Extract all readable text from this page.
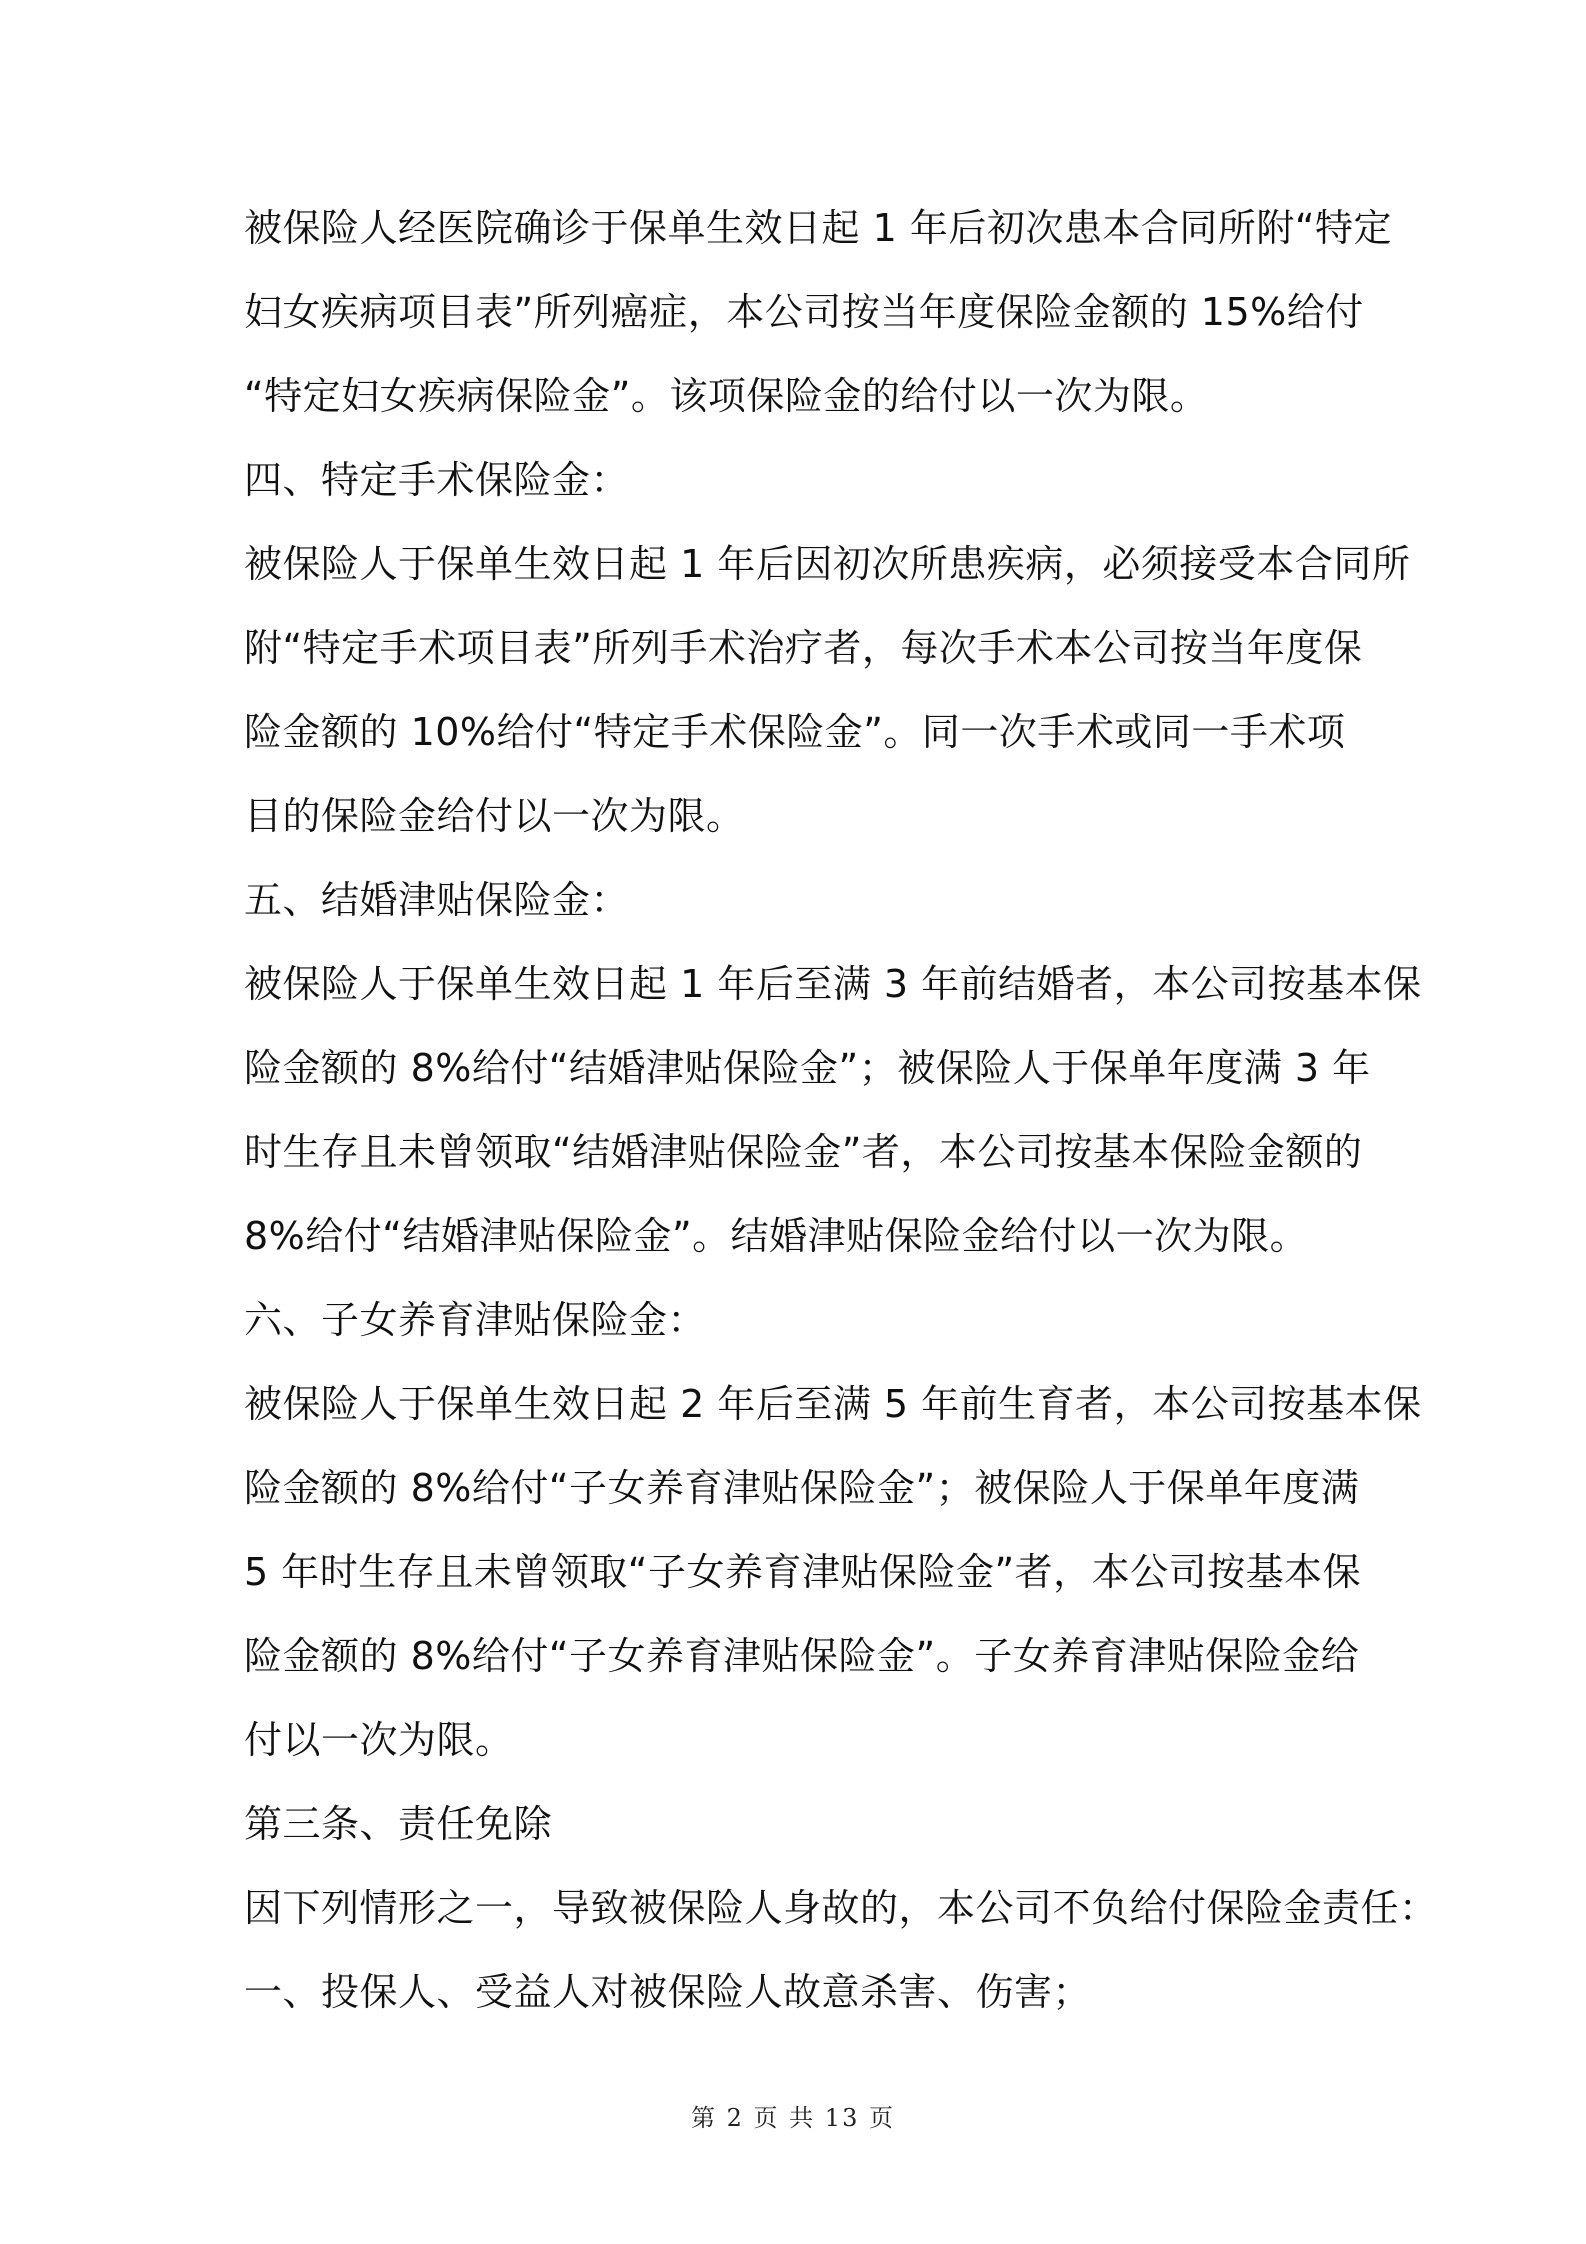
被保险人经医院确诊于保单生效日起 1 年后初次患本合同所附“特定
妇女疾病项目表”所列癌症，本公司按当年度保险金额的 15%给付
“特定妇女疾病保险金”。该项保险金的给付以一次为限。
四、特定手术保险金：
被保险人于保单生效日起 1 年后因初次所患疾病，必须接受本合同所
附“特定手术项目表”所列手术治疗者，每次手术本公司按当年度保
险金额的 10%给付“特定手术保险金”。同一次手术或同一手术项
目的保险金给付以一次为限。
五、结婚津贴保险金：
被保险人于保单生效日起 1 年后至满 3 年前结婚者，本公司按基本保
险金额的 8%给付“结婚津贴保险金”；被保险人于保单年度满 3 年
时生存且未曾领取“结婚津贴保险金”者，本公司按基本保险金额的
8%给付“结婚津贴保险金”。结婚津贴保险金给付以一次为限。
六、子女养育津贴保险金：
被保险人于保单生效日起 2 年后至满 5 年前生育者，本公司按基本保
险金额的 8%给付“子女养育津贴保险金”；被保险人于保单年度满
5 年时生存且未曾领取“子女养育津贴保险金”者，本公司按基本保
险金额的 8%给付“子女养育津贴保险金”。子女养育津贴保险金给
付以一次为限。
第三条、责任免除
因下列情形之一，导致被保险人身故的，本公司不负给付保险金责任：
一、投保人、受益人对被保险人故意杀害、伤害；
第 2 页 共 13 页
